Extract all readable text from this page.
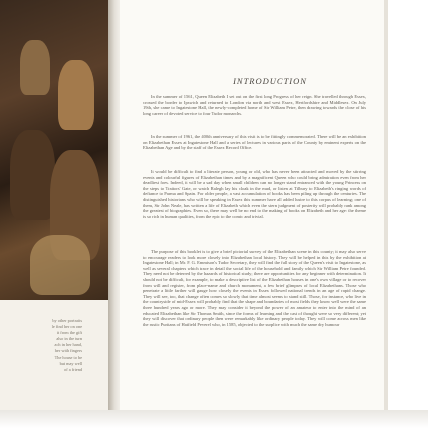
by other portraits
le find her on one
it from the gift
also in the turn
ach in her hand,
her with fingers
The house to be
but may well
of a friend
INTRODUCTION

In the summer of 1561, Queen Elizabeth I set out on the first long Progress of her reign. She travelled through Essex, crossed the border to Ipswich and returned to London via north and west Essex, Hertfordshire and Middlesex. On July 19th, she came to Ingatestone Hall, the newly-completed home of Sir William Petre, then drawing towards the close of his long career of devoted service to four Tudor monarchs.

In the summer of 1961, the 400th anniversary of this visit is to be fittingly commemorated. There will be an exhibition on Elizabethan Essex at Ingatestone Hall and a series of lectures in various parts of the County by eminent experts on the Elizabethan Age and by the staff of the Essex Record Office.

It would be difficult to find a literate person, young or old, who has never been attracted and moved by the stirring events and colourful figures of Elizabethan times and by a magnificent Queen who could bring admiration even from her deadliest foes. Indeed, it will be a sad day when small children can no longer stand entranced with the young Princess on the steps to Traitors' Gate, or watch Ralegh lay his cloak in the mud, or listen at Tilbury to Elizabeth's ringing words of defiance to Parma and Spain. For older people, a vast accumulation of books has been piling up through the centuries. The distinguished historians who will be speaking in Essex this summer have all added lustre to this corpus of learning; one of them, Sir John Neale, has written a life of Elizabeth which even the stern judgment of posterity will probably rank among the greatest of biographies. Even so, there may well be no end to the making of books on Elizabeth and her age: the theme is so rich in human qualities, from the epic to the comic and trivial.

The purpose of this booklet is to give a brief pictorial survey of the Elizabethan scene in this county; it may also serve to encourage readers to look more closely into Elizabethan local history. They will be helped in this by the exhibition at Ingatestone Hall; in Mr. F. G. Emmison's Tudor Secretary, they will find the full story of the Queen's visit to Ingatestone, as well as several chapters which trace in detail the social life of the household and family which Sir William Petre founded. They need not be deterred by the hazards of historical study; there are opportunities for any beginner with determination. It should not be difficult, for example, to make a descriptive list of the Elizabethan houses in one's own village or to recover from will and register, from place-name and church monument, a few brief glimpses of local Elizabethans. Those who penetrate a little farther will gauge how closely the events in Essex followed national trends in an age of rapid change. They will see, too, that change often comes so slowly that time almost seems to stand still. Those, for instance, who live in the countryside of mid-Essex will probably find that the shape and boundaries of most fields they know well were the same three hundred years ago or more. They may consider it beyond the power of an amateur to enter into the mind of an educated Elizabethan like Sir Thomas Smith, since the forms of learning and the cast of thought were so very different; yet they will discover that ordinary people then were remarkably like ordinary people today. They will come across men like the rustic Puritans of Hatfield Peverel who, in 1585, objected to the surplice with much the same dry humour
